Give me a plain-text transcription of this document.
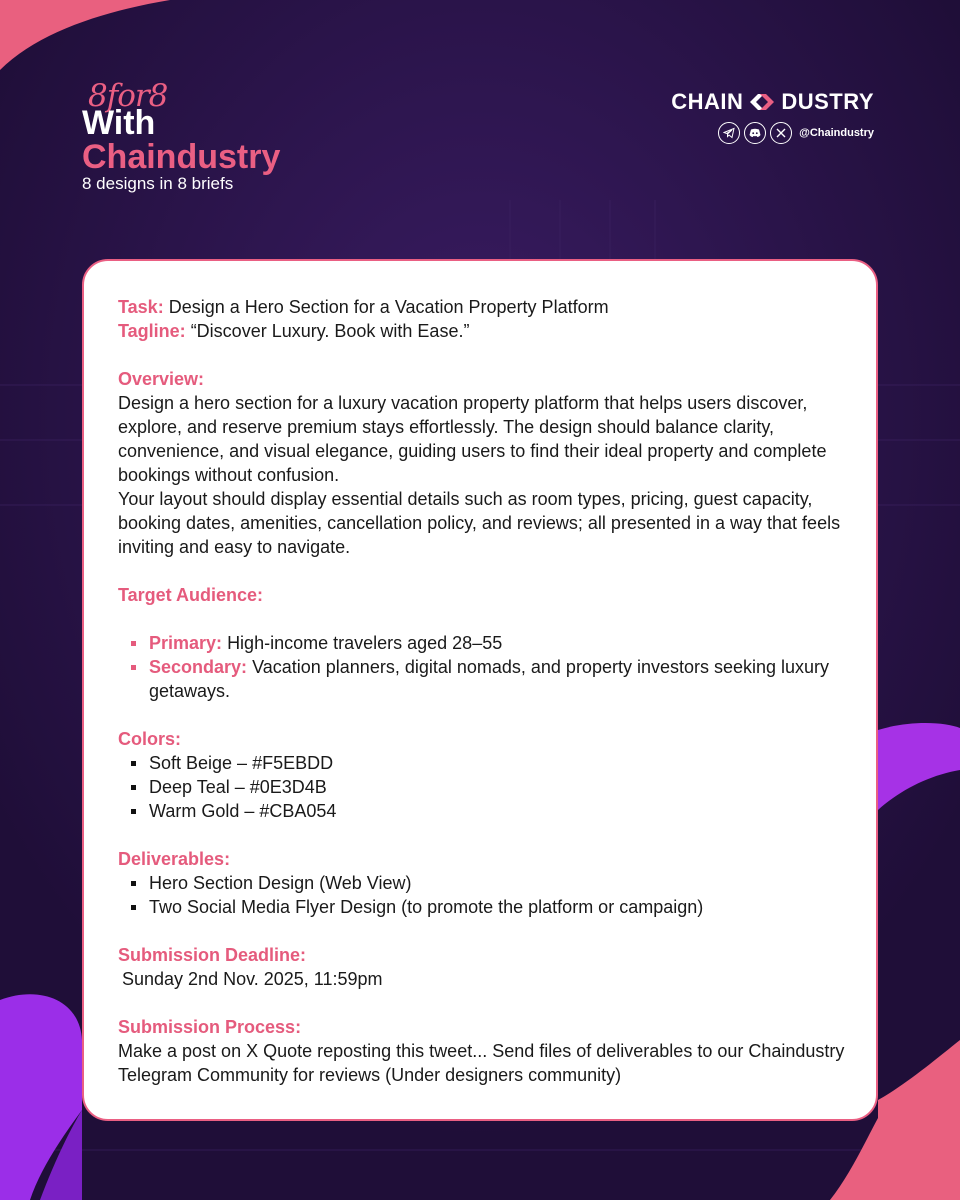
8for8
With
Chaindustry
8 designs in 8 briefs
CHAIN DUSTRY
@Chaindustry

Task: Design a Hero Section for a Vacation Property Platform

Tagline: “Discover Luxury. Book with Ease.”

Overview:

Design a hero section for a luxury vacation property platform that helps users discover, explore, and reserve premium stays effortlessly. The design should balance clarity, convenience, and visual elegance, guiding users to find their ideal property and complete bookings without confusion.

Your layout should display essential details such as room types, pricing, guest capacity, booking dates, amenities, cancellation policy, and reviews; all presented in a way that feels inviting and easy to navigate.

Target Audience:
Primary: High-income travelers aged 28–55
Secondary: Vacation planners, digital nomads, and property investors seeking luxury getaways.
Colors:
Soft Beige – #F5EBDD
Deep Teal – #0E3D4B
Warm Gold – #CBA054
Deliverables:
Hero Section Design (Web View)
Two Social Media Flyer Design (to promote the platform or campaign)
Submission Deadline:
Sunday 2nd Nov. 2025, 11:59pm
Submission Process:

Make a post on X Quote reposting this tweet... Send files of deliverables to our Chaindustry Telegram Community for reviews (Under designers community)
